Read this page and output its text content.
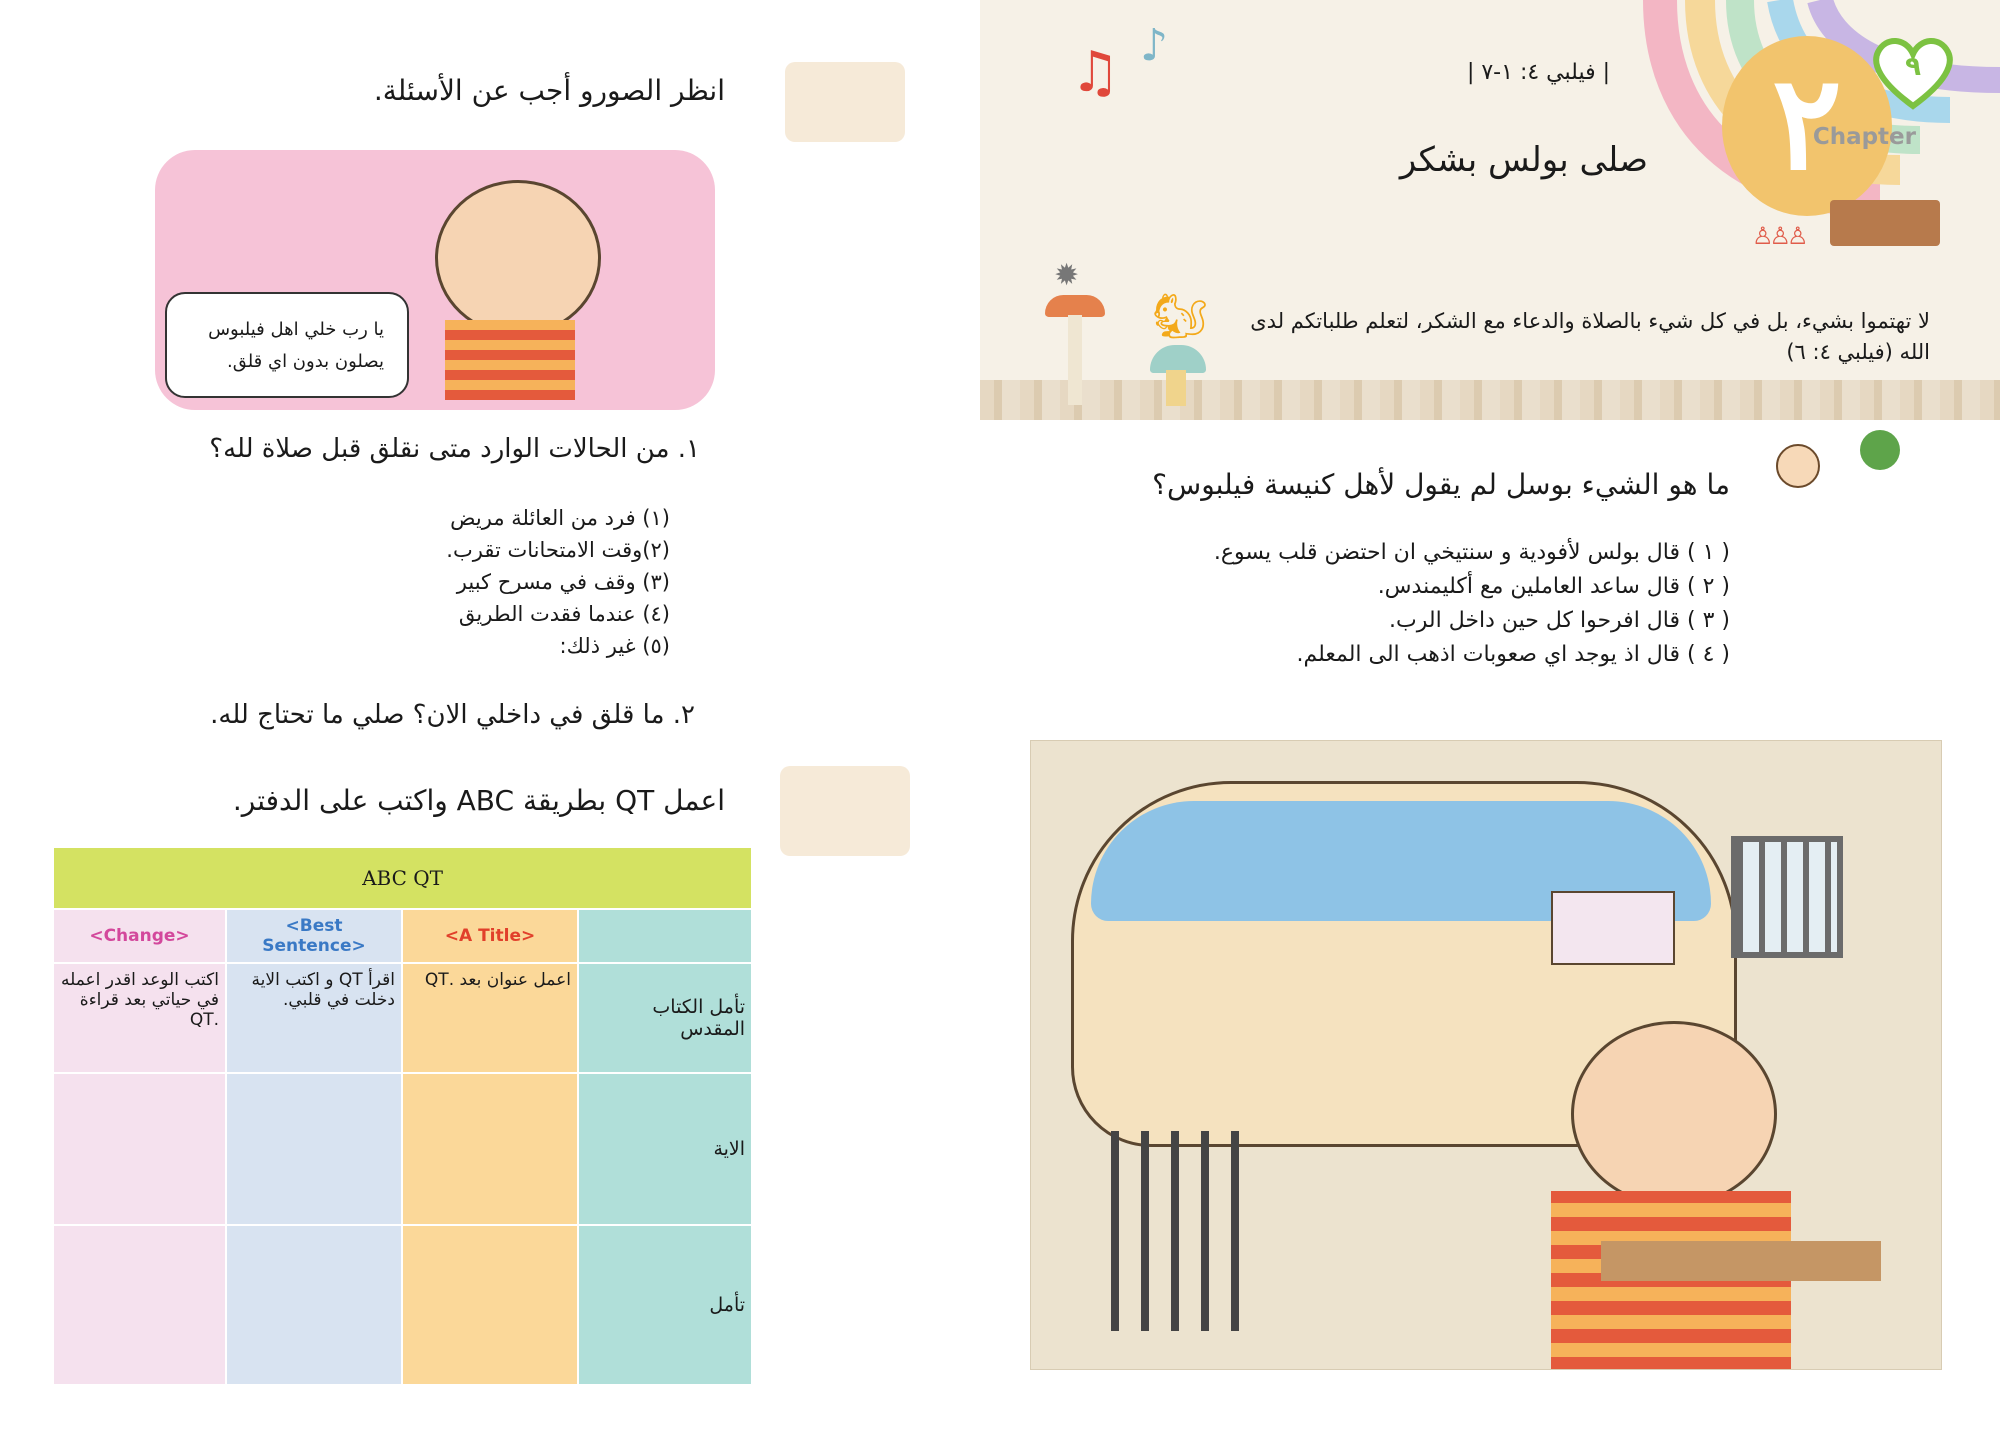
٢	٩
Chapter
♙♙♙
♫ ♪
| فيلبي ٤: ١-٧ |
صلى بولس بشكر
🐿
✹
لا تهتموا بشيء، بل في كل شيء بالصلاة والدعاء مع الشكر، لتعلم طلباتكم لدى الله (فيلبي ٤: ٦)
ما هو الشيء بوسل لم يقول لأهل كنيسة فيلبوس؟
( ١ ) قال بولس لأفودية و سنتيخي ان احتضن قلب يسوع.
( ٢ ) قال ساعد العاملين مع أكليمندس.
( ٣ ) قال افرحوا كل حين داخل الرب.
( ٤ ) قال اذ يوجد اي صعوبات اذهب الى المعلم.
انظر الصورو أجب عن الأسئلة.
يا رب خلي اهل فيلبوس
يصلون بدون اي قلق.
١. من الحالات الوارد متى نقلق قبل صلاة لله؟
(١) فرد من العائلة مريض
(٢)وقت الامتحانات تقرب.
(٣) وقف في مسرح كبير
(٤) عندما فقدت الطريق
(٥) غير ذلك:
٢. ما قلق في داخلي الان؟ صلي ما تحتاج لله.
اعمل QT بطريقة ABC واكتب على الدفتر.
ABC QT			
<Change>	<Best Sentence>	<A Title>	
اكتب الوعد اقدر اعمله في حياتي بعد قراءة .QT	اقرأ QT و اكتب الاية دخلت في قلبي.	اعمل عنوان بعد .QT	تأمل الكتاب المقدس
			الاية
			تأمل
